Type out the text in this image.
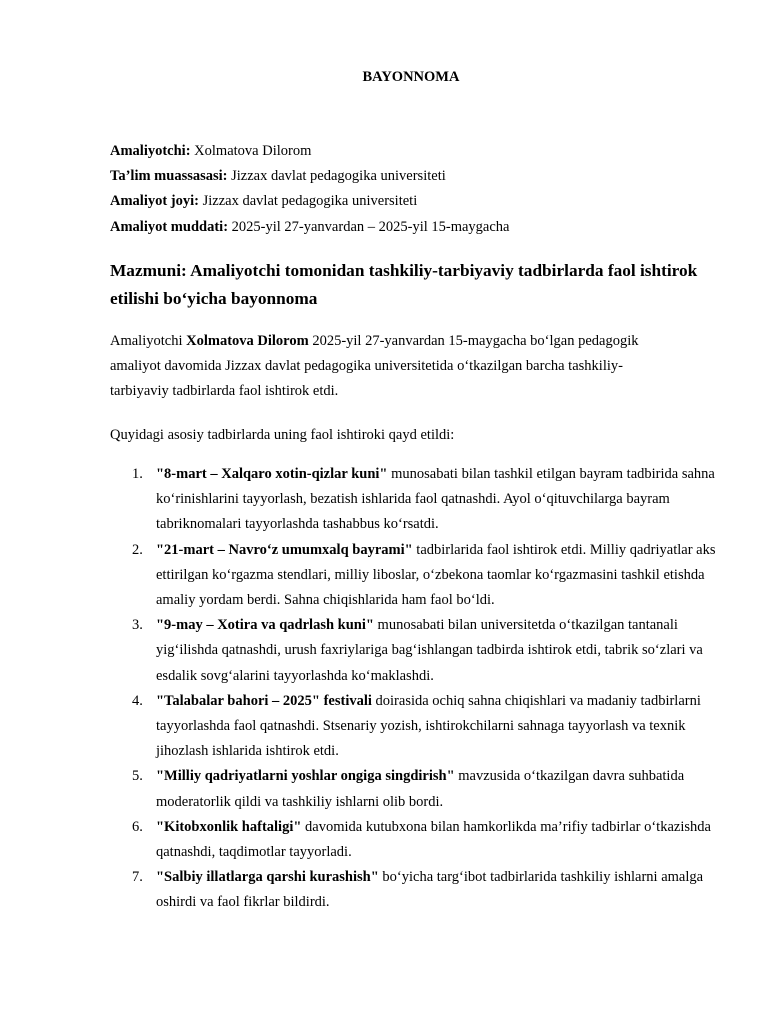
BAYONNOMA
Amaliyotchi: Xolmatova Dilorom
Ta’lim muassasasi: Jizzax davlat pedagogika universiteti
Amaliyot joyi: Jizzax davlat pedagogika universiteti
Amaliyot muddati: 2025-yil 27-yanvardan – 2025-yil 15-maygacha
Mazmuni: Amaliyotchi tomonidan tashkiliy-tarbiyaviy tadbirlarda faol ishtirok etilishi bo‘yicha bayonnoma
Amaliyotchi Xolmatova Dilorom 2025-yil 27-yanvardan 15-maygacha bo‘lgan pedagogik amaliyot davomida Jizzax davlat pedagogika universitetida o‘tkazilgan barcha tashkiliy-tarbiyaviy tadbirlarda faol ishtirok etdi.
Quyidagi asosiy tadbirlarda uning faol ishtiroki qayd etildi:
1. "8-mart – Xalqaro xotin-qizlar kuni" munosabati bilan tashkil etilgan bayram tadbirida sahna ko‘rinishlarini tayyorlash, bezatish ishlarida faol qatnashdi. Ayol o‘qituvchilarga bayram tabriknomalari tayyorlashda tashabbus ko‘rsatdi.
2. "21-mart – Navro‘z umumxalq bayrami" tadbirlarida faol ishtirok etdi. Milliy qadriyatlar aks ettirilgan ko‘rgazma stendlari, milliy liboslar, o‘zbekona taomlar ko‘rgazmasini tashkil etishda amaliy yordam berdi. Sahna chiqishlarida ham faol bo‘ldi.
3. "9-may – Xotira va qadrlash kuni" munosabati bilan universitetda o‘tkazilgan tantanali yig‘ilishda qatnashdi, urush faxriylariga bag‘ishlangan tadbirda ishtirok etdi, tabrik so‘zlari va esdalik sovg‘alarini tayyorlashda ko‘maklashdi.
4. "Talabalar bahori – 2025" festivali doirasida ochiq sahna chiqishlari va madaniy tadbirlarni tayyorlashda faol qatnashdi. Stsenariy yozish, ishtirokchilarni sahnaga tayyorlash va texnik jihozlash ishlarida ishtirok etdi.
5. "Milliy qadriyatlarni yoshlar ongiga singdirish" mavzusida o‘tkazilgan davra suhbatida moderatorlik qildi va tashkiliy ishlarni olib bordi.
6. "Kitobxonlik haftaligi" davomida kutubxona bilan hamkorlikda ma’rifiy tadbirlar o‘tkazishda qatnashdi, taqdimotlar tayyorladi.
7. "Salbiy illatlarga qarshi kurashish" bo‘yicha targ‘ibot tadbirlarida tashkiliy ishlarni amalga oshirdi va faol fikrlar bildirdi.
